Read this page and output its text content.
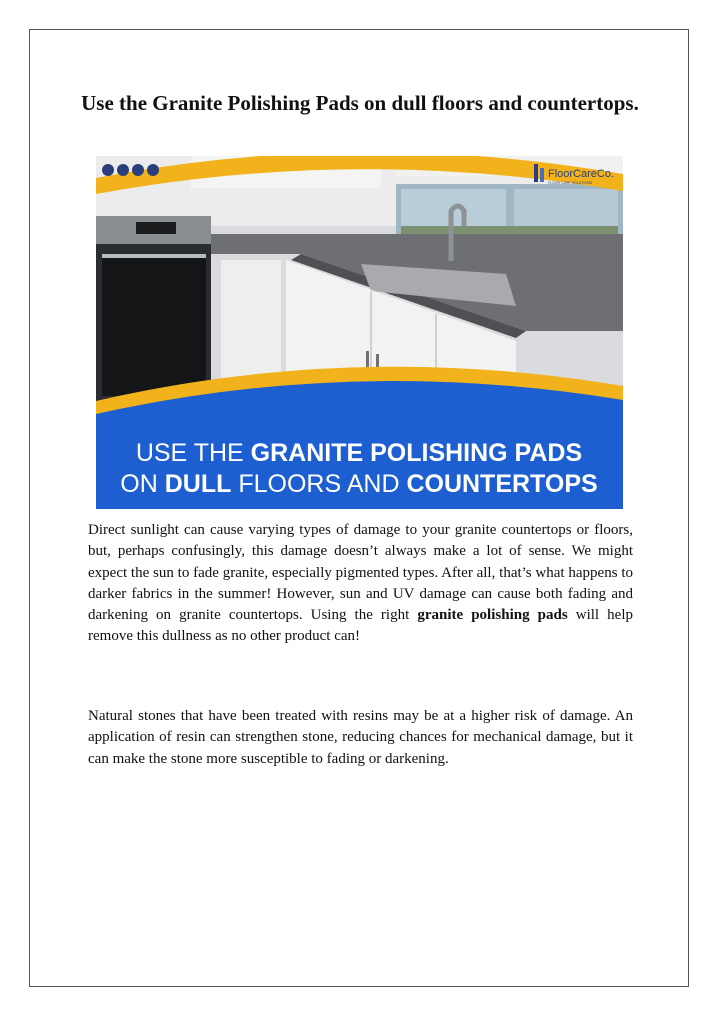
Use the Granite Polishing Pads on dull floors and countertops.
FloorCareCo.
FLOOR CARE SOLUTIONS
USE THE GRANITE POLISHING PADS
ON DULL FLOORS AND COUNTERTOPS

Direct sunlight can cause varying types of damage to your granite countertops or floors, but, perhaps confusingly, this damage doesn’t always make a lot of sense. We might expect the sun to fade granite, especially pigmented types. After all, that’s what happens to darker fabrics in the summer! However, sun and UV damage can cause both fading and darkening on granite countertops. Using the right granite polishing pads will help remove this dullness as no other product can!

Natural stones that have been treated with resins may be at a higher risk of damage. An application of resin can strengthen stone, reducing chances for mechanical damage, but it can make the stone more susceptible to fading or darkening.
